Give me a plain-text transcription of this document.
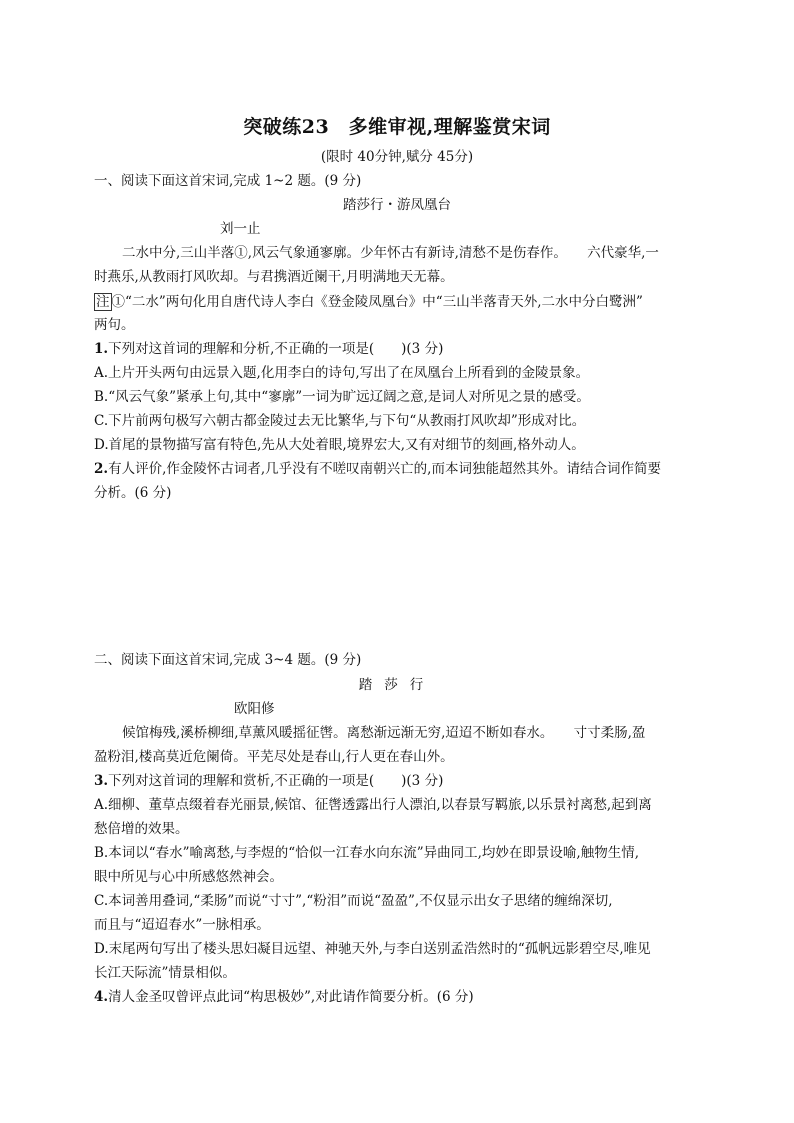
突破练23　多维审视,理解鉴赏宋词
(限时 40分钟,赋分 45分)
一、阅读下面这首宋词,完成 1~2 题。(9 分)
踏莎行・游凤凰台
刘一止
二水中分,三山半落①,风云气象通寥廓。少年怀古有新诗,清愁不是伤春作。　　六代豪华,一
时燕乐,从教雨打风吹却。与君携酒近阑干,月明满地天无幕。
注 ①“二水”两句化用自唐代诗人李白《登金陵凤凰台》中“三山半落青天外,二水中分白鹭洲”
两句。
1.下列对这首词的理解和分析,不正确的一项是(　　)(3 分)
A.上片开头两句由远景入题,化用李白的诗句,写出了在凤凰台上所看到的金陵景象。
B.“风云气象”紧承上句,其中“寥廓”一词为旷远辽阔之意,是词人对所见之景的感受。
C.下片前两句极写六朝古都金陵过去无比繁华,与下句“从教雨打风吹却”形成对比。
D.首尾的景物描写富有特色,先从大处着眼,境界宏大,又有对细节的刻画,格外动人。
2.有人评价,作金陵怀古词者,几乎没有不嗟叹南朝兴亡的,而本词独能超然其外。请结合词作简要
分析。(6 分)
二、阅读下面这首宋词,完成 3~4 题。(9 分)
踏莎行
欧阳修
候馆梅残,溪桥柳细,草薰风暖摇征辔。离愁渐远渐无穷,迢迢不断如春水。　　寸寸柔肠,盈
盈粉泪,楼高莫近危阑倚。平芜尽处是春山,行人更在春山外。
3.下列对这首词的理解和赏析,不正确的一项是(　　)(3 分)
A.细柳、董草点缀着春光丽景,候馆、征辔透露出行人漂泊,以春景写羁旅,以乐景衬离愁,起到离
愁倍增的效果。
B.本词以“春水”喻离愁,与李煜的“恰似一江春水向东流”异曲同工,均妙在即景设喻,触物生情,
眼中所见与心中所感悠然神会。
C.本词善用叠词,“柔肠”而说“寸寸”,“粉泪”而说“盈盈”,不仅显示出女子思绪的缠绵深切,
而且与“迢迢春水”一脉相承。
D.末尾两句写出了楼头思妇凝目远望、神驰天外,与李白送别孟浩然时的“孤帆远影碧空尽,唯见
长江天际流”情景相似。
4.清人金圣叹曾评点此词“构思极妙”,对此请作简要分析。(6 分)
